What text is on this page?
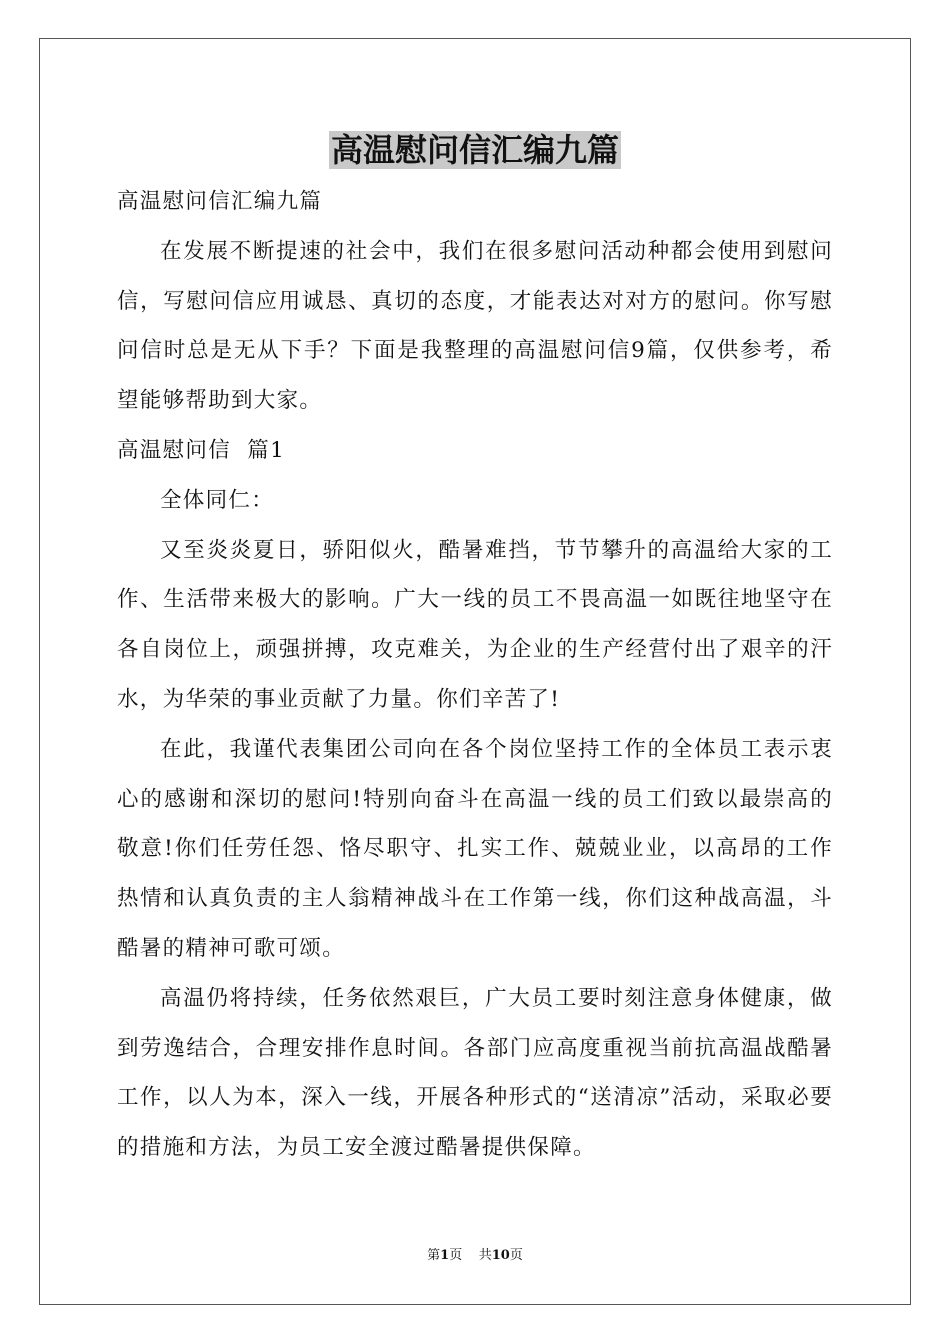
高温慰问信汇编九篇

高温慰问信汇编九篇

在发展不断提速的社会中，我们在很多慰问活动种都会使用到慰问信，写慰问信应用诚恳、真切的态度，才能表达对对方的慰问。你写慰问信时总是无从下手？下面是我整理的高温慰问信9篇，仅供参考，希望能够帮助到大家。

高温慰问信  篇1

全体同仁：

又至炎炎夏日，骄阳似火，酷暑难挡，节节攀升的高温给大家的工作、生活带来极大的影响。广大一线的员工不畏高温一如既往地坚守在各自岗位上，顽强拼搏，攻克难关，为企业的生产经营付出了艰辛的汗水，为华荣的事业贡献了力量。你们辛苦了!

在此，我谨代表集团公司向在各个岗位坚持工作的全体员工表示衷心的感谢和深切的慰问!特别向奋斗在高温一线的员工们致以最崇高的敬意!你们任劳任怨、恪尽职守、扎实工作、兢兢业业，以高昂的工作热情和认真负责的主人翁精神战斗在工作第一线，你们这种战高温，斗酷暑的精神可歌可颂。

高温仍将持续，任务依然艰巨，广大员工要时刻注意身体健康，做到劳逸结合，合理安排作息时间。各部门应高度重视当前抗高温战酷暑工作，以人为本，深入一线，开展各种形式的“送清凉”活动，采取必要的措施和方法，为员工安全渡过酷暑提供保障。

第1页 共10页
